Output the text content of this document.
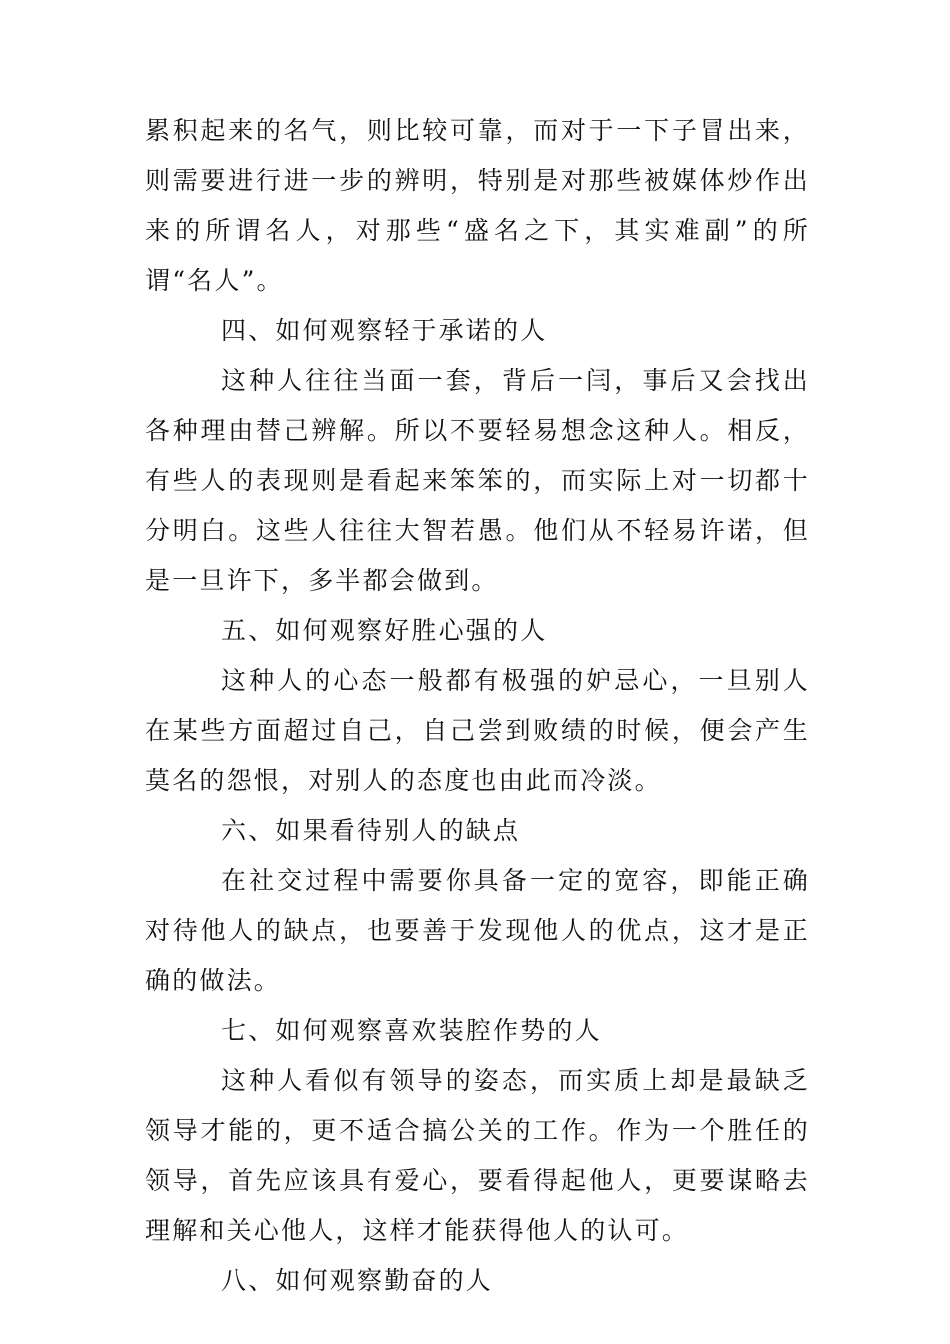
累积起来的名气，则比较可靠，而对于一下子冒出来，则需要进行进一步的辨明，特别是对那些被媒体炒作出来的所谓名人，对那些“盛名之下，其实难副”的所谓“名人”。

四、如何观察轻于承诺的人

这种人往往当面一套，背后一闫，事后又会找出各种理由替己辨解。所以不要轻易想念这种人。相反，有些人的表现则是看起来笨笨的，而实际上对一切都十分明白。这些人往往大智若愚。他们从不轻易许诺，但是一旦许下，多半都会做到。

五、如何观察好胜心强的人

这种人的心态一般都有极强的妒忌心，一旦别人在某些方面超过自己，自己尝到败绩的时候，便会产生莫名的怨恨，对别人的态度也由此而冷淡。

六、如果看待别人的缺点

在社交过程中需要你具备一定的宽容，即能正确对待他人的缺点，也要善于发现他人的优点，这才是正确的做法。

七、如何观察喜欢装腔作势的人

这种人看似有领导的姿态，而实质上却是最缺乏领导才能的，更不适合搞公关的工作。作为一个胜任的领导，首先应该具有爱心，要看得起他人，更要谋略去理解和关心他人，这样才能获得他人的认可。

八、如何观察勤奋的人
